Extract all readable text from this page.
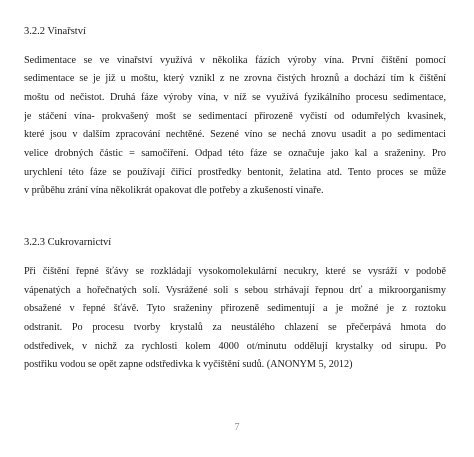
3.2.2 Vinařství
Sedimentace se ve vinařství využívá v několika fázích výroby vína. První čištění pomocí
sedimentace se je již u moštu, který vznikl z ne zrovna čistých hroznů a dochází tím k čištění
moštu od nečistot. Druhá fáze výroby vína, v níž se využívá fyzikálního procesu sedimentace,
je stáčení vína- prokvašený mošt se sedimentací přirozeně vyčistí od odumřelých kvasinek,
které jsou v dalším zpracování nechtěné. Sezené víno se nechá znovu usadit a po sedimentaci
velice drobných částic = samočiření. Odpad této fáze se označuje jako kal a sraženiny. Pro
urychlení této fáze se používají čiřicí prostředky bentonit, želatina atd. Tento proces se může
v průběhu zrání vína několikrát opakovat dle potřeby a zkušeností vinaře.
3.2.3 Cukrovarnictví
Při čištění řepné šťávy se rozkládají vysokomolekulární necukry, které se vysráží v podobě
vápenatých a hořečnatých solí. Vysrážené soli s sebou strhávají řepnou drť a mikroorganismy
obsažené v řepné šťávě. Tyto sraženiny přirozeně sedimentují a je možné je z roztoku
odstranit. Po procesu tvorby krystalů za neustálého chlazení se přečerpává hmota do
odstředivek, v nichž za rychlosti kolem 4000 ot/minutu oddělují krystalky od sirupu. Po
postřiku vodou se opět zapne odstředivka k vyčištění sudů. (ANONYM 5, 2012)
7
